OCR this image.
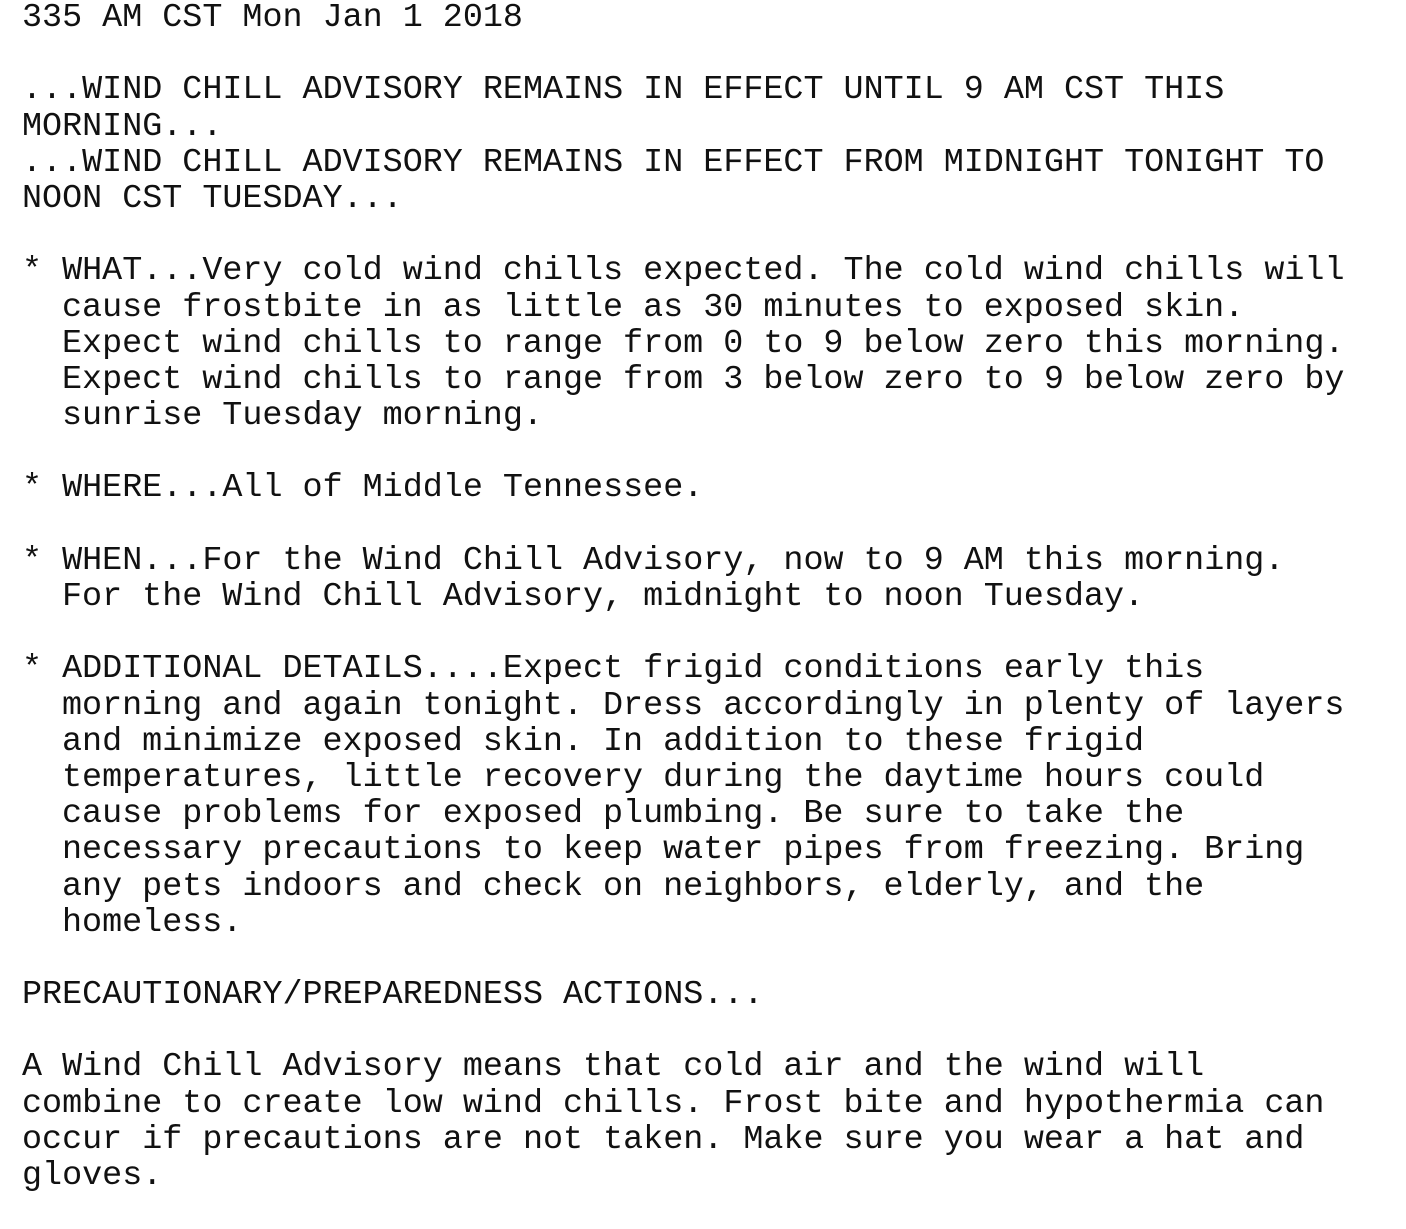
335 AM CST Mon Jan 1 2018
...WIND CHILL ADVISORY REMAINS IN EFFECT UNTIL 9 AM CST THIS
MORNING...
...WIND CHILL ADVISORY REMAINS IN EFFECT FROM MIDNIGHT TONIGHT TO
NOON CST TUESDAY...
* WHAT...Very cold wind chills expected. The cold wind chills will
cause frostbite in as little as 30 minutes to exposed skin.
Expect wind chills to range from 0 to 9 below zero this morning.
Expect wind chills to range from 3 below zero to 9 below zero by
sunrise Tuesday morning.
* WHERE...All of Middle Tennessee.
* WHEN...For the Wind Chill Advisory, now to 9 AM this morning.
For the Wind Chill Advisory, midnight to noon Tuesday.
* ADDITIONAL DETAILS....Expect frigid conditions early this
morning and again tonight. Dress accordingly in plenty of layers
and minimize exposed skin. In addition to these frigid
temperatures, little recovery during the daytime hours could
cause problems for exposed plumbing. Be sure to take the
necessary precautions to keep water pipes from freezing. Bring
any pets indoors and check on neighbors, elderly, and the
homeless.
PRECAUTIONARY/PREPAREDNESS ACTIONS...
A Wind Chill Advisory means that cold air and the wind will
combine to create low wind chills. Frost bite and hypothermia can
occur if precautions are not taken. Make sure you wear a hat and
gloves.
